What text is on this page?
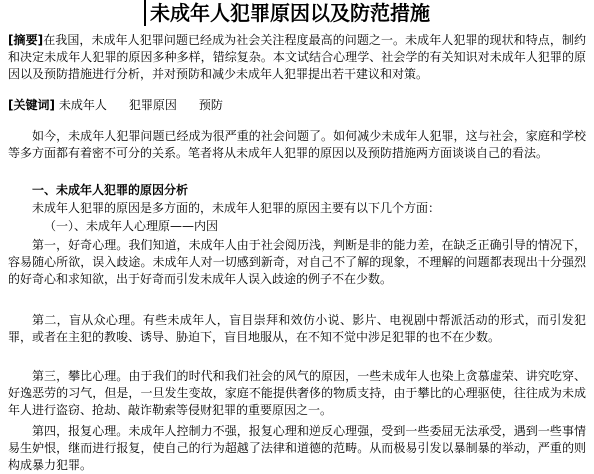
未成年人犯罪原因以及防范措施
[摘要]在我国，未成年人犯罪问题已经成为社会关注程度最高的问题之一。未成年人犯罪的现状和特点，制约和决定未成年人犯罪的原因多种多样，错综复杂。本文试结合心理学、社会学的有关知识对未成年人犯罪的原因以及预防措施进行分析，并对预防和减少未成年人犯罪提出若干建议和对策。
[关键词] 未成年人 犯罪原因 预防

如今，未成年人犯罪问题已经成为很严重的社会问题了。如何减少未成年人犯罪，这与社会，家庭和学校等多方面都有着密不可分的关系。笔者将从未成年人犯罪的原因以及预防措施两方面谈谈自己的看法。

一、未成年人犯罪的原因分析

未成年人犯罪的原因是多方面的，未成年人犯罪的原因主要有以下几个方面：

（一）、未成年人心理原——内因

第一，好奇心理。我们知道，未成年人由于社会阅历浅，判断是非的能力差，在缺乏正确引导的情况下，容易随心所欲，误入歧途。未成年人对一切感到新奇，对自己不了解的现象，不理解的问题都表现出十分强烈的好奇心和求知欲，出于好奇而引发未成年人误入歧途的例子不在少数。

第二，盲从众心理。有些未成年人，盲目崇拜和效仿小说、影片、电视剧中帮派活动的形式，而引发犯罪，或者在主犯的教唆、诱导、胁迫下，盲目地服从，在不知不觉中涉足犯罪的也不在少数。

第三，攀比心理。由于我们的时代和我们社会的风气的原因，一些未成年人也染上贪慕虚荣、讲究吃穿、好逸恶劳的习气，但是，一旦发生变故，家庭不能提供奢侈的物质支持，由于攀比的心理驱使，往往成为未成年人进行盗窃、抢劫、敲诈勒索等侵财犯罪的重要原因之一。

第四，报复心理。未成年人控制力不强，报复心理和逆反心理强，受到一些委屈无法承受，遇到一些事情易生妒恨，继而进行报复，使自己的行为超越了法律和道德的范畴。从而极易引发以暴制暴的举动，严重的则构成暴力犯罪。
